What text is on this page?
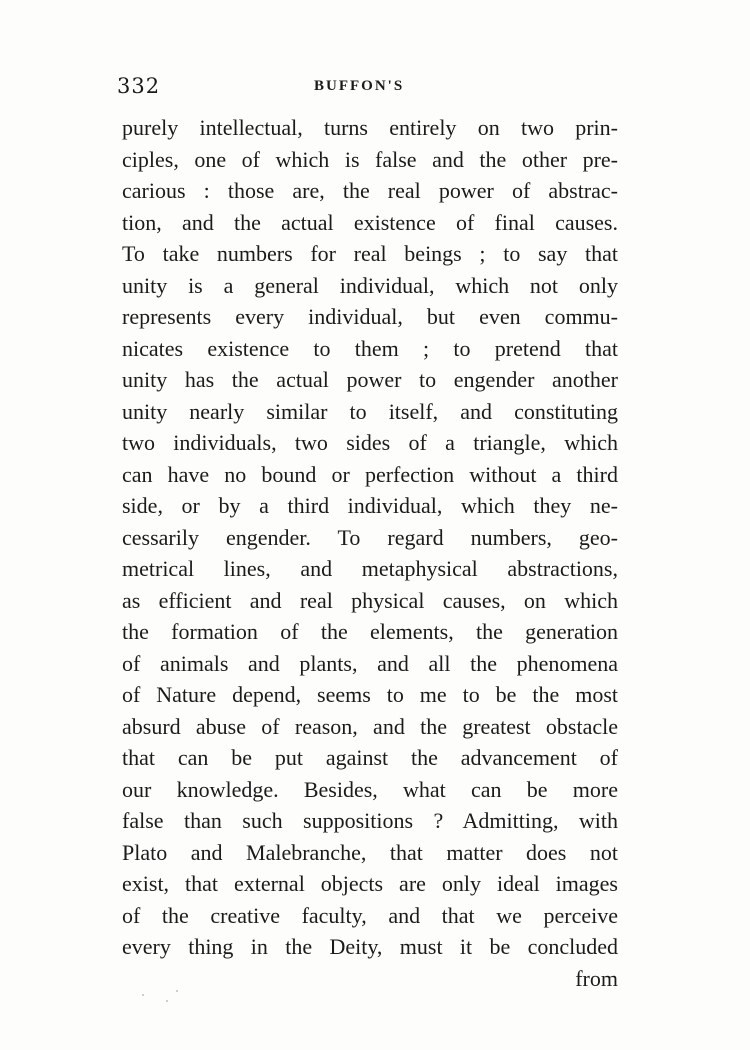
332	BUFFON'S
purely intellectual, turns entirely on two prin-
ciples, one of which is false and the other pre-
carious : those are, the real power of abstrac-
tion, and the actual existence of final causes.
To take numbers for real beings ; to say that
unity is a general individual, which not only
represents every individual, but even commu-
nicates existence to them ; to pretend that
unity has the actual power to engender another
unity nearly similar to itself, and constituting
two individuals, two sides of a triangle, which
can have no bound or perfection without a third
side, or by a third individual, which they ne-
cessarily engender. To regard numbers, geo-
metrical lines, and metaphysical abstractions,
as efficient and real physical causes, on which
the formation of the elements, the generation
of animals and plants, and all the phenomena
of Nature depend, seems to me to be the most
absurd abuse of reason, and the greatest obstacle
that can be put against the advancement of
our knowledge. Besides, what can be more
false than such suppositions ? Admitting, with
Plato and Malebranche, that matter does not
exist, that external objects are only ideal images
of the creative faculty, and that we perceive
every thing in the Deity, must it be concluded
from
